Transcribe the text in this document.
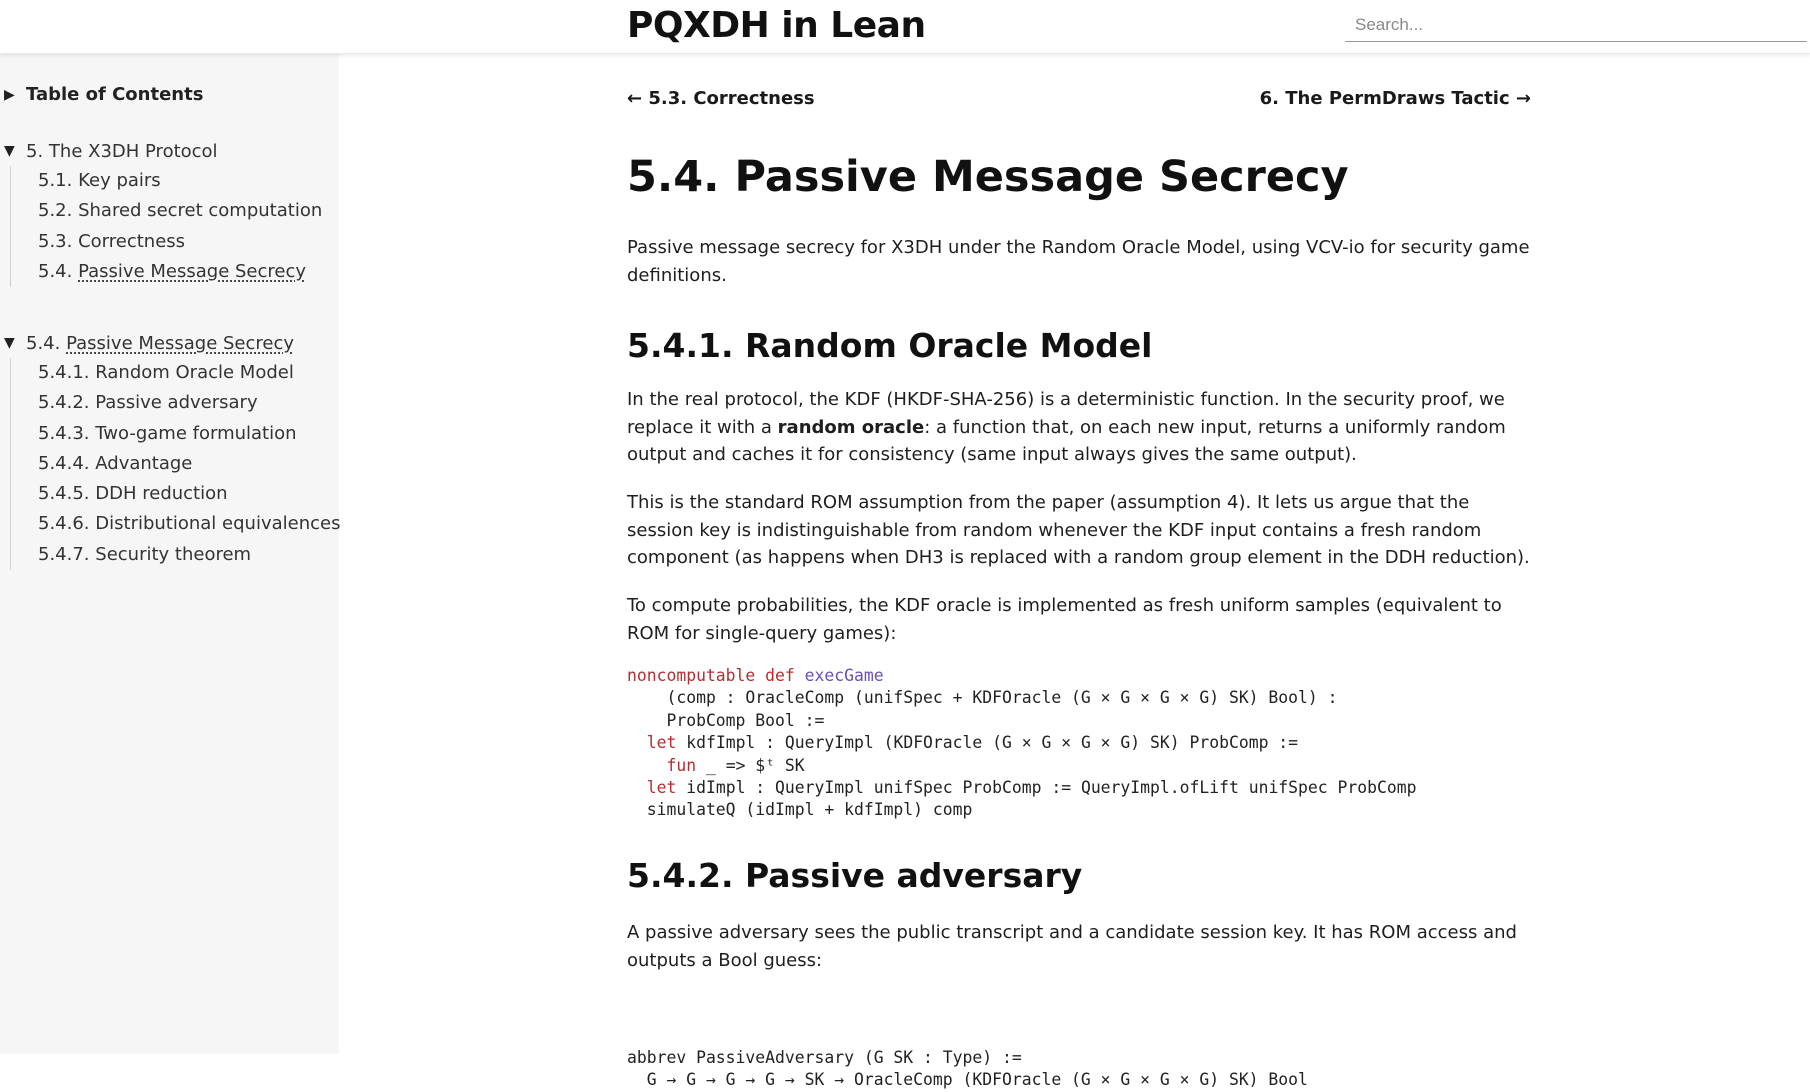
PQXDH in Lean
Search...
▶ Table of Contents
▼ 5. The X3DH Protocol
5.1. Key pairs
5.2. Shared secret computation
5.3. Correctness
5.4. Passive Message Secrecy
▼ 5.4. Passive Message Secrecy
5.4.1. Random Oracle Model
5.4.2. Passive adversary
5.4.3. Two-game formulation
5.4.4. Advantage
5.4.5. DDH reduction
5.4.6. Distributional equivalences
5.4.7. Security theorem
← 5.3. Correctness	6. The PermDraws Tactic →
5.4. Passive Message Secrecy

Passive message secrecy for X3DH under the Random Oracle Model, using VCV-io for security game definitions.

5.4.1. Random Oracle Model

In the real protocol, the KDF (HKDF-SHA-256) is a deterministic function. In the security proof, we replace it with a random oracle: a function that, on each new input, returns a uniformly random output and caches it for consistency (same input always gives the same output).

This is the standard ROM assumption from the paper (assumption 4). It lets us argue that the session key is indistinguishable from random whenever the KDF input contains a fresh random component (as happens when DH3 is replaced with a random group element in the DDH reduction).

To compute probabilities, the KDF oracle is implemented as fresh uniform samples (equivalent to ROM for single-query games):

noncomputable def execGame
(comp : OracleComp (unifSpec + KDFOracle (G × G × G × G) SK) Bool) :
ProbComp Bool :=
let kdfImpl : QueryImpl (KDFOracle (G × G × G × G) SK) ProbComp :=
fun _ => $ᵗ SK
let idImpl : QueryImpl unifSpec ProbComp := QueryImpl.ofLift unifSpec ProbComp
simulateQ (idImpl + kdfImpl) comp
5.4.2. Passive adversary

A passive adversary sees the public transcript and a candidate session key. It has ROM access and outputs a Bool guess:

abbrev PassiveAdversary (G SK : Type) :=
G → G → G → G → SK → OracleComp (KDFOracle (G × G × G × G) SK) Bool
